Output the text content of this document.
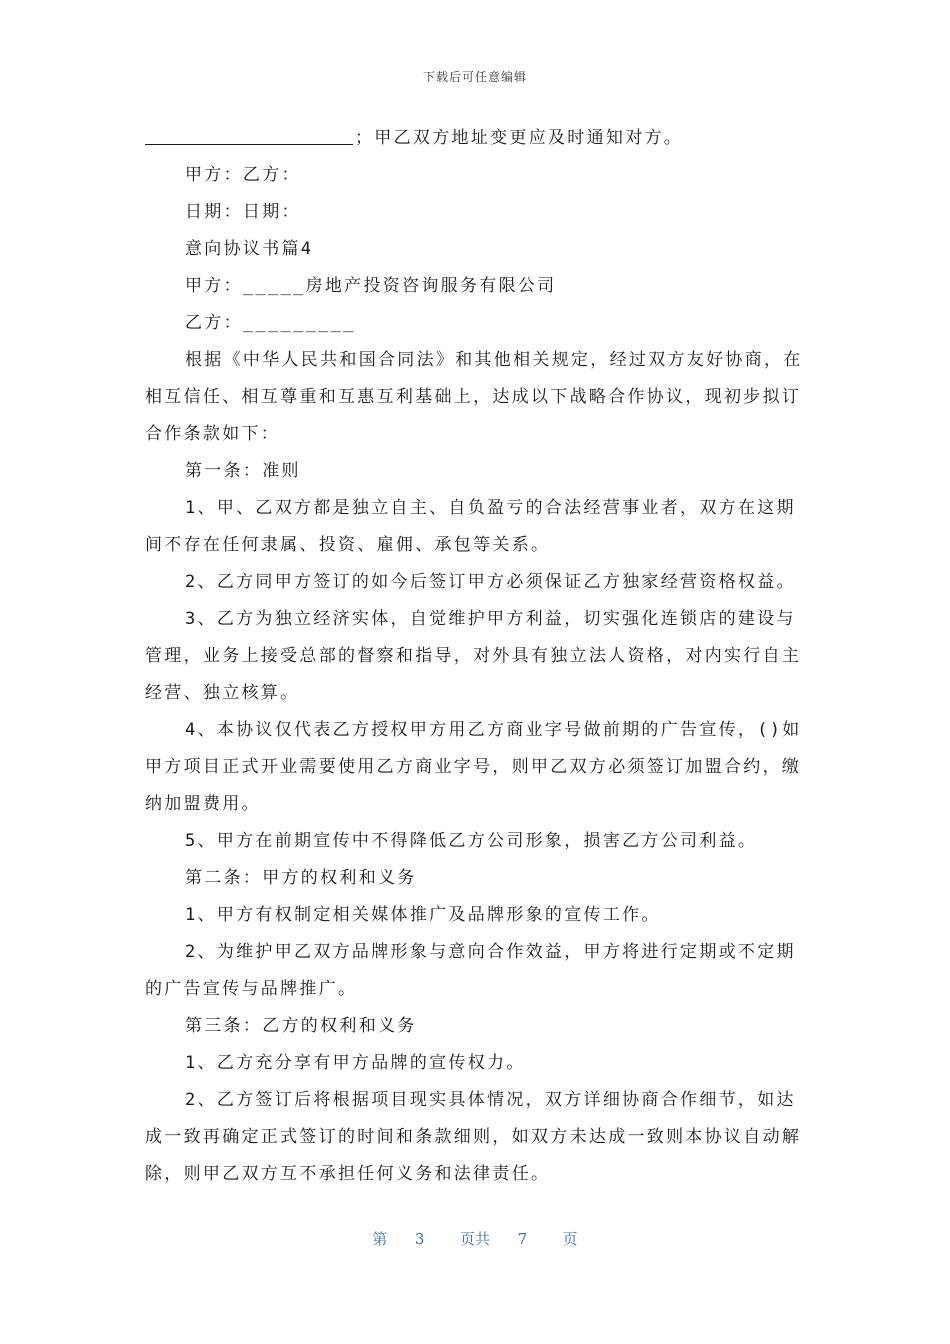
下载后可任意编辑

；甲乙双方地址变更应及时通知对方。

甲方：乙方：

日期：日期：

意向协议书篇4

甲方：_____房地产投资咨询服务有限公司

乙方：_________

根据《中华人民共和国合同法》和其他相关规定，经过双方友好协商，在相互信任、相互尊重和互惠互利基础上，达成以下战略合作协议，现初步拟订合作条款如下：

第一条：准则

1、甲、乙双方都是独立自主、自负盈亏的合法经营事业者，双方在这期间不存在任何隶属、投资、雇佣、承包等关系。

2、乙方同甲方签订的如今后签订甲方必须保证乙方独家经营资格权益。

3、乙方为独立经济实体，自觉维护甲方利益，切实强化连锁店的建设与管理，业务上接受总部的督察和指导，对外具有独立法人资格，对内实行自主经营、独立核算。

4、本协议仅代表乙方授权甲方用乙方商业字号做前期的广告宣传，()如甲方项目正式开业需要使用乙方商业字号，则甲乙双方必须签订加盟合约，缴纳加盟费用。

5、甲方在前期宣传中不得降低乙方公司形象，损害乙方公司利益。

第二条：甲方的权利和义务

1、甲方有权制定相关媒体推广及品牌形象的宣传工作。

2、为维护甲乙双方品牌形象与意向合作效益，甲方将进行定期或不定期的广告宣传与品牌推广。

第三条：乙方的权利和义务

1、乙方充分享有甲方品牌的宣传权力。

2、乙方签订后将根据项目现实具体情况，双方详细协商合作细节，如达成一致再确定正式签订的时间和条款细则，如双方未达成一致则本协议自动解除，则甲乙双方互不承担任何义务和法律责任。

第 3 页共 7 页
